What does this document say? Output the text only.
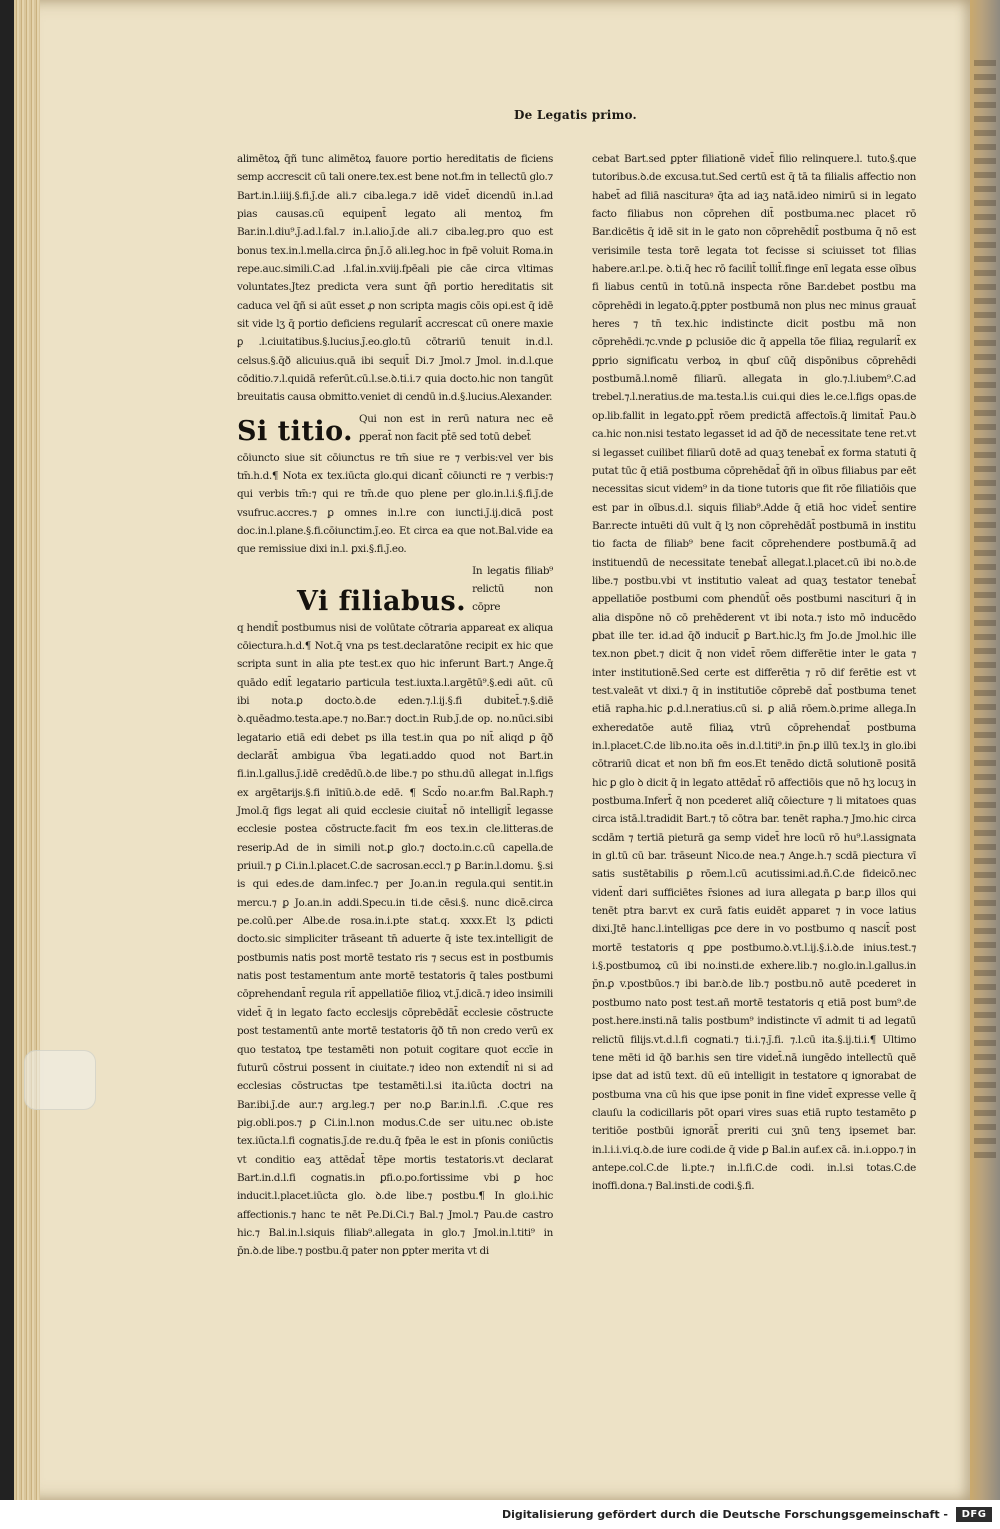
De Legatis primo.

alimētoꝝ q̄ñ tunc alimētoꝝ fauore portio hereditatis de ficiens semp accrescit cū tali onere.tex.est bene not.fm in tellectū glo.⁊ Bart.in.l.iiij.§.fi.ȷ̄.de ali.⁊ ciba.lega.⁊ idē videt̄ dicendū in.l.ad pias causas.cū equipent̄ legato ali mentoꝝ fm Bar.in.l.diu⁹.ȷ̄.ad.l.fal.⁊ in.l.alio.ȷ̄.de ali.⁊ ciba.leg.pro quo est bonus tex.in.l.mella.circa p̄n.ȷ̄.ō ali.leg.hoc in fpē voluit Roma.in repe.auc.simili.C.ad .l.fal.in.xviij.fpēali pie cāe circa vltimas voluntates.Jtez predicta vera sunt q̄ñ portio hereditatis sit caduca vel q̄ñ si aūt esset ꝓ non scripta magis cōis opi.est q̄ idē sit vide lʒ q̄ portio deficiens regularit̄ accrescat cū onere maxie ꝑ .l.ciuitatibus.§.lucius.ȷ̄.eo.glo.tū cōtrariū tenuit in.d.l. celsus.§.q̄ð alicuius.quā ibi sequit̄ Di.⁊ Jmol.⁊ Jmol. in.d.l.que cōditio.⁊.l.quidā referūt.cū.l.se.ꝺ.ti.i.⁊ quia docto.hic non tangūt breuitatis causa obmitto.veniet di cendū in.d.§.lucius.Alexander.

Si titio. Qui non est in rerū natura nec eē ꝑperat̄ non facit pt̄ē sed totū debet̄

cōiuncto siue sit cōiunctus re tm̄ siue re ⁊ verbis:vel ver bis tm̄.h.d.¶ Nota ex tex.iūcta glo.qui dicant̄ cōiuncti re ⁊ verbis:⁊ qui verbis tm̄:⁊ qui re tm̄.de quo plene per glo.in.l.i.§.fi.ȷ̄.de vsufruc.accres.⁊ ꝑ omnes in.l.re con iuncti.ȷ̄.ij.dicā post doc.in.l.plane.§.fi.cōiunctim.ȷ̄.eo. Et circa ea que not.Bal.vide ea que remissiue dixi in.l. ꝑxi.§.fi.ȷ̄.eo.

Vi filiabus.
In legatis filiab⁹ relictū non cōpre

q hendit̄ postbumus nisi de volūtate cōtraria appareat ex aliqua cōiectura.h.d.¶ Not.q̄ vna ps test.declaratōne recipit ex hic que scripta sunt in alia pte test.ex quo hic inferunt Bart.⁊ Ange.q̄ quādo edit̄ legatario particula test.iuxta.l.argētū⁹.§.edi aūt. cū ibi nota.ꝑ docto.ꝺ.de eden.⁊.l.ij.§.fi dubitet̄.⁊.§.diē ꝺ.quēadmo.testa.ape.⁊ no.Bar.⁊ doct.in Rub.ȷ̄.de op. no.nūci.sibi legatario etiā edi debet ps illa test.in qua po nit̄ aliqd ꝑ q̄ð declarāt̄ ambigua v̄ba legati.addo quod not Bart.in fi.in.l.gallus.ȷ̄.idē credēdū.ꝺ.de libe.⁊ po sthu.dū allegat in.l.figs ex argētarijs.§.fi inītiū.ꝺ.de edē. ¶ Scd̄o no.ar.fm Bal.Raph.⁊ Jmol.q̄ figs legat ali quid ecclesie ciuitat̄ nō intelligit̄ legasse ecclesie postea cōstructe.facit fm eos tex.in cle.litteras.de reserip.Ad de in simili not.ꝑ glo.⁊ docto.in.c.cū capella.de priuil.⁊ ꝑ Ci.in.l.placet.C.de sacrosan.eccl.⁊ ꝑ Bar.in.l.domu. §.si is qui edes.de dam.infec.⁊ per Jo.an.in regula.qui sentit.in mercu.⁊ ꝑ Jo.an.in addi.Specu.in ti.de cēsi.§. nunc dicē.circa pe.colū.per Albe.de rosa.in.i.pte stat.q. xxxx.Et lʒ ꝑdicti docto.sic simpliciter trāseant tn̄ aduerte q̄ iste tex.intelligit de postbumis natis post mortē testato ris ⁊ secus est in postbumis natis post testamentum ante mortē testatoris q̄ tales postbumi cōprehendant̄ regula rit̄ appellatiōe filioꝝ vt.ȷ̄.dicā.⁊ ideo insimili videt̄ q̄ in legato facto ecclesijs cōprebēdāt̄ ecclesie cōstructe post testamentū ante mortē testatoris q̄ð tn̄ non credo verū ex quo testatoꝝ tpe testamēti non potuit cogitare quot eccīe in futurū cōstrui possent in ciuitate.⁊ ideo non extendit̄ ni si ad ecclesias cōstructas tpe testamēti.l.si ita.iūcta doctri na Bar.ibi.ȷ̄.de aur.⁊ arg.leg.⁊ per no.ꝑ Bar.in.l.fi. .C.que res pig.obli.pos.⁊ ꝑ Ci.in.l.non modus.C.de ser uitu.nec ob.iste tex.iūcta.l.fi cognatis.ȷ̄.de re.du.q̄ fpēa le est in pſonis coniūctis vt conditio eaʒ attēdat̄ tēpe mortis testatoris.vt declarat Bart.in.d.l.fi cognatis.in ꝑfi.o.po.fortissime vbi ꝑ hoc inducit.l.placet.iūcta glo. ꝺ.de libe.⁊ postbu.¶ In glo.i.hic affectionis.⁊ hanc te nēt Pe.Di.Ci.⁊ Bal.⁊ Jmol.⁊ Pau.de castro hic.⁊ Bal.in.l.siquis filiab⁹.allegata in glo.⁊ Jmol.in.l.titi⁹ in p̄n.ꝺ.de libe.⁊ postbu.q̄ pater non ꝑpter merita vt di

cebat Bart.sed ꝑpter filiationē videt̄ filio relinquere.l. tuto.§.que tutoribus.ꝺ.de excusa.tut.Sed certū est q̄ tā ta filialis affectio non habet̄ ad filiā nascituraꝰ q̄ta ad iaʒ natā.ideo nimirū si in legato facto filiabus non cōprehen dit̄ postbuma.nec placet rō Bar.dicētis q̄ idē sit in le gato non cōprehēdit̄ postbuma q̄ nō est verisimile testa torē legata tot fecisse si sciuisset tot filias habere.ar.l.pe. ꝺ.ti.q̄ hec rō facilit̄ tollit̄.finge enī legata esse oībus fi liabus centū in totū.nā inspecta rōne Bar.debet postbu ma cōprehēdi in legato.q̄.ꝑpter postbumā non plus nec minus grauat̄ heres ⁊ tn̄ tex.hic indistincte dicit postbu mā non cōprehēdi.⁊c.vnde ꝑ pclusiōe dic q̄ appella tōe filiaꝝ regularit̄ ex ꝑprio significatu verboꝝ in qbuſ cūq̄ dispōnibus cōprehēdi postbumā.l.nomē filiarū. allegata in glo.⁊.l.iubem⁹.C.ad trebel.⁊.l.neratius.de ma.testa.l.is cui.qui dies le.ce.l.figs opas.de op.lib.fallit in legato.ꝑpt̄ rōem predictā affectoīs.q̄ limitat̄ Pau.ꝺ ca.hic non.nisi testato legasset id ad q̄ð de necessitate tene ret.vt si legasset cuilibet filiarū dotē ad quaʒ tenebat̄ ex forma statuti q̄ putat tūc q̄ etiā postbuma cōprehēdat̄ q̄ñ in oībus filiabus par eēt necessitas sicut videm⁹ in da tione tutoris que fit rōe filiatiōis que est par in oībus.d.l. siquis filiab⁹.Adde q̄ etiā hoc videt̄ sentire Bar.recte intuēti dū vult q̄ lʒ non cōprehēdāt̄ postbumā in institu tio facta de filiab⁹ bene facit cōprehendere postbumā.q̄ ad instituendū de necessitate tenebat̄ allegat.l.placet.cū ibi no.ꝺ.de libe.⁊ postbu.vbi vt institutio valeat ad quaʒ testator tenebat̄ appellatiōe postbumi com ꝑhendūt̄ oēs postbumi nascituri q̄ in alia dispōne nō cō prehēderent vt ibi nota.⁊ isto mō inducēdo ꝑbat ille ter. id.ad q̄ð inducit̄ ꝑ Bart.hic.lʒ fm Jo.de Jmol.hic ille tex.non ꝑbet.⁊ dicit q̄ non videt̄ rōem differētie inter le gata ⁊ inter institutionē.Sed certe est differētia ⁊ rō dif ferētie est vt test.valeāt vt dixi.⁊ q̄ in institutiōe cōprebē dat̄ postbuma tenet etiā rapha.hic ꝑ.d.l.neratius.cū si. ꝑ aliā rōem.ꝺ.prime allega.In exheredatōe autē filiaꝝ vtrū cōprehendat̄ postbuma in.l.placet.C.de lib.no.ita oēs in.d.l.titi⁹.in p̄n.ꝑ illū tex.lʒ in glo.ibi cōtrariū dicat et non bñ fm eos.Et tenēdo dictā solutionē positā hic ꝑ glo ꝺ dicit q̄ in legato attēdat̄ rō affectiōis que nō hʒ locuʒ in postbuma.Infert̄ q̄ non pcederet aliq̄ cōiecture ⁊ li mitatoes quas circa istā.l.tradidit Bart.⁊ tō cōtra bar. tenēt rapha.⁊ Jmo.hic circa scdām ⁊ tertiā pieturā ga semp videt̄ hre locū rō hu⁹.l.assignata in gl.tū cū bar. trāseunt Nico.de nea.⁊ Ange.h.⁊ scdā piectura vī satis sustētabilis ꝑ rōem.l.cū acutissimi.ad.ñ.C.de fideicō.nec vident̄ dari sufficiētes r̄siones ad iura allegata ꝑ bar.ꝑ illos qui tenēt ptra bar.vt ex curā fatis euidēt apparet ⁊ in voce latius dixi.Jtē hanc.l.intelligas ꝑce dere in vo postbumo q nascit̄ post mortē testatoris q ꝑpe postbumo.ꝺ.vt.l.ij.§.i.ꝺ.de inius.test.⁊ i.§.postbumoꝝ cū ibi no.insti.de exhere.lib.⁊ no.glo.in.l.gallus.in p̄n.ꝑ v.postbūos.⁊ ibi bar.ꝺ.de lib.⁊ postbu.nō autē pcederet in postbumo nato post test.añ mortē testatoris q etiā post bum⁹.de post.here.insti.nā talis postbum⁹ indistincte vī admit ti ad legatū relictū filijs.vt.d.l.fi cognati.⁊ ti.i.⁊.ȷ̄.fi. ⁊.l.cū ita.§.ij.ti.i.¶ Ultimo tene mēti id q̄ð bar.his sen tire videt̄.nā iungēdo intellectū quē ipse dat ad istū text. dū eū intelligit in testatore q ignorabat de postbuma vna cū his que ipse ponit in fine videt̄ expresse velle q̄ clauſu la codicillaris pōt opari vires suas etiā rupto testamēto ꝑ teritiōe postbūi ignorāt̄ preriti cui ʒnū tenʒ ipsemet bar. in.l.i.i.vi.q.ꝺ.de iure codi.de q̄ vide ꝑ Bal.in auf.ex cā. in.i.oppo.⁊ in antepe.col.C.de li.pte.⁊ in.l.fi.C.de codi. in.l.si totas.C.de inoffi.dona.⁊ Bal.insti.de codi.§.fi.

Digitalisierung gefördert durch die Deutsche Forschungsgemeinschaft -	DFG
